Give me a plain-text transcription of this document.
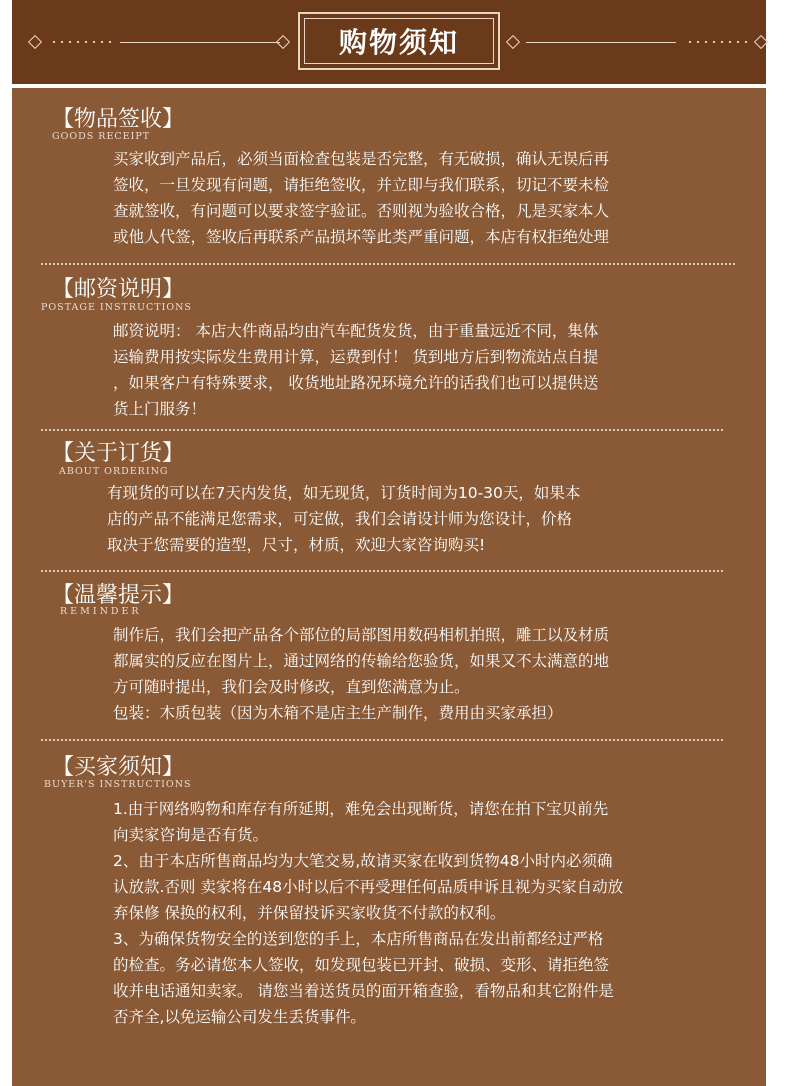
购物须知
【物品签收】
GOODS RECEIPT

买家收到产品后，必须当面检查包装是否完整，有无破损，确认无误后再

签收，一旦发现有问题，请拒绝签收，并立即与我们联系，切记不要未检

查就签收，有问题可以要求签字验证。否则视为验收合格，凡是买家本人

或他人代签，签收后再联系产品损坏等此类严重问题，本店有权拒绝处理

【邮资说明】
POSTAGE INSTRUCTIONS

邮资说明： 本店大件商品均由汽车配货发货，由于重量远近不同，集体

运输费用按实际发生费用计算，运费到付！ 货到地方后到物流站点自提

，如果客户有特殊要求， 收货地址路况环境允许的话我们也可以提供送

货上门服务！

【关于订货】
ABOUT ORDERING

有现货的可以在7天内发货，如无现货，订货时间为10-30天，如果本

店的产品不能满足您需求，可定做，我们会请设计师为您设计，价格

取决于您需要的造型，尺寸，材质，欢迎大家咨询购买!

【温馨提示】
REMINDER

制作后，我们会把产品各个部位的局部图用数码相机拍照，雕工以及材质

都属实的反应在图片上，通过网络的传输给您验货，如果又不太满意的地

方可随时提出，我们会及时修改，直到您满意为止。

包装：木质包装（因为木箱不是店主生产制作，费用由买家承担）

【买家须知】
BUYER'S INSTRUCTIONS

1.由于网络购物和库存有所延期，难免会出现断货，请您在拍下宝贝前先

向卖家咨询是否有货。

2、由于本店所售商品均为大笔交易,故请买家在收到货物48小时内必须确

认放款.否则 卖家将在48小时以后不再受理任何品质申诉且视为买家自动放

弃保修 保换的权利，并保留投诉买家收货不付款的权利。

3、为确保货物安全的送到您的手上，本店所售商品在发出前都经过严格

的检查。务必请您本人签收，如发现包装已开封、破损、变形、请拒绝签

收并电话通知卖家。 请您当着送货员的面开箱查验，看物品和其它附件是

否齐全,以免运输公司发生丢货事件。
